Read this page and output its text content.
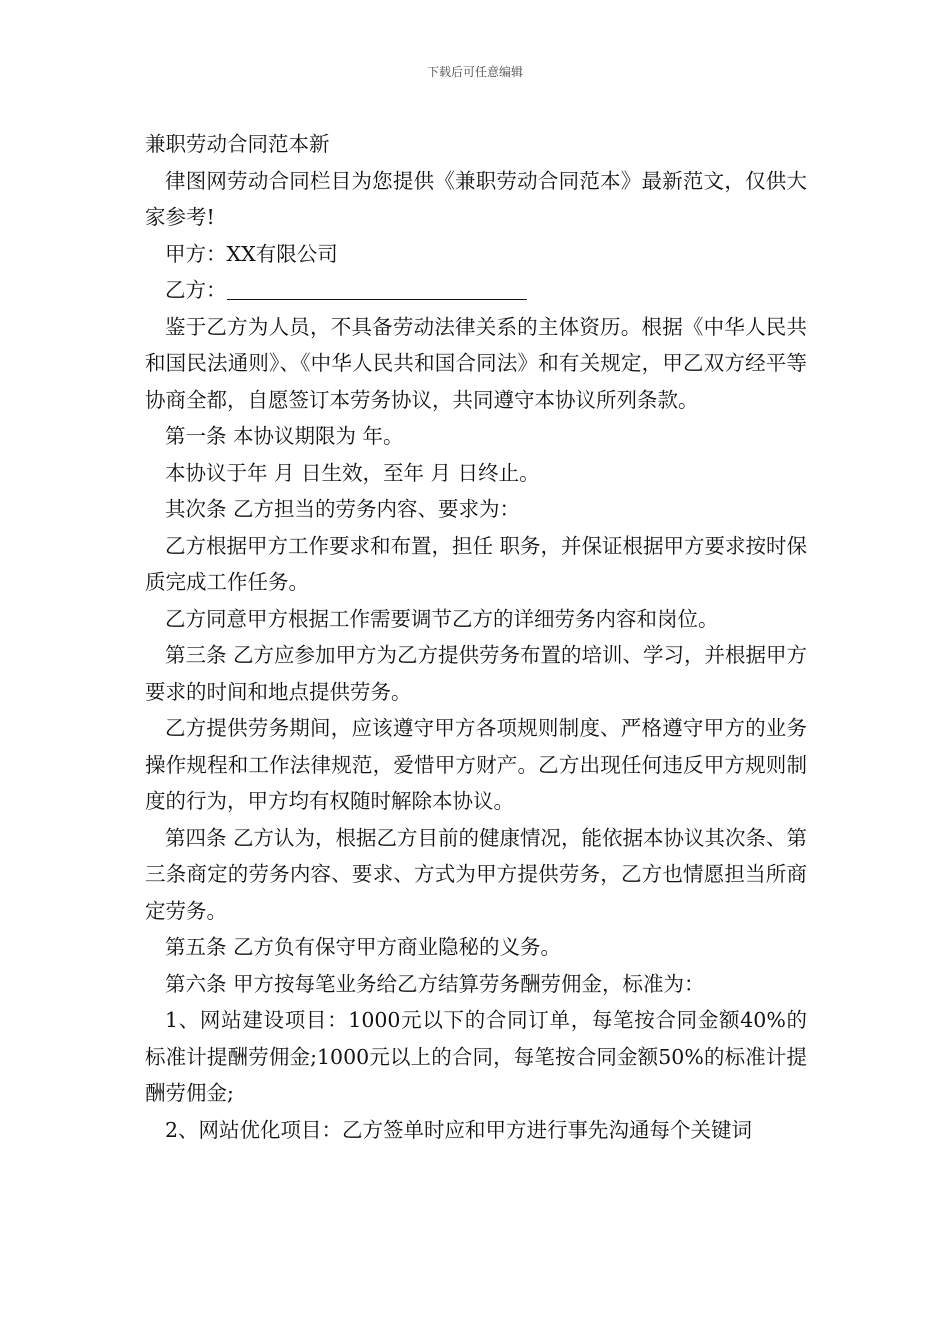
下载后可任意编辑

兼职劳动合同范本新

律图网劳动合同栏目为您提供《兼职劳动合同范本》最新范文，仅供大家参考!

甲方：XX有限公司

乙方：

鉴于乙方为人员，不具备劳动法律关系的主体资历。根据《中华人民共和国民法通则》、《中华人民共和国合同法》和有关规定，甲乙双方经平等协商全都，自愿签订本劳务协议，共同遵守本协议所列条款。

第一条 本协议期限为 年。

本协议于年 月 日生效，至年 月 日终止。

其次条 乙方担当的劳务内容、要求为：

乙方根据甲方工作要求和布置，担任 职务，并保证根据甲方要求按时保质完成工作任务。

乙方同意甲方根据工作需要调节乙方的详细劳务内容和岗位。

第三条 乙方应参加甲方为乙方提供劳务布置的培训、学习，并根据甲方要求的时间和地点提供劳务。

乙方提供劳务期间，应该遵守甲方各项规则制度、严格遵守甲方的业务操作规程和工作法律规范，爱惜甲方财产。乙方出现任何违反甲方规则制度的行为，甲方均有权随时解除本协议。

第四条 乙方认为，根据乙方目前的健康情况，能依据本协议其次条、第三条商定的劳务内容、要求、方式为甲方提供劳务，乙方也情愿担当所商定劳务。

第五条 乙方负有保守甲方商业隐秘的义务。

第六条 甲方按每笔业务给乙方结算劳务酬劳佣金，标准为：

1、网站建设项目：1000元以下的合同订单，每笔按合同金额40%的标准计提酬劳佣金;1000元以上的合同，每笔按合同金额50%的标准计提酬劳佣金;

2、网站优化项目：乙方签单时应和甲方进行事先沟通每个关键词
